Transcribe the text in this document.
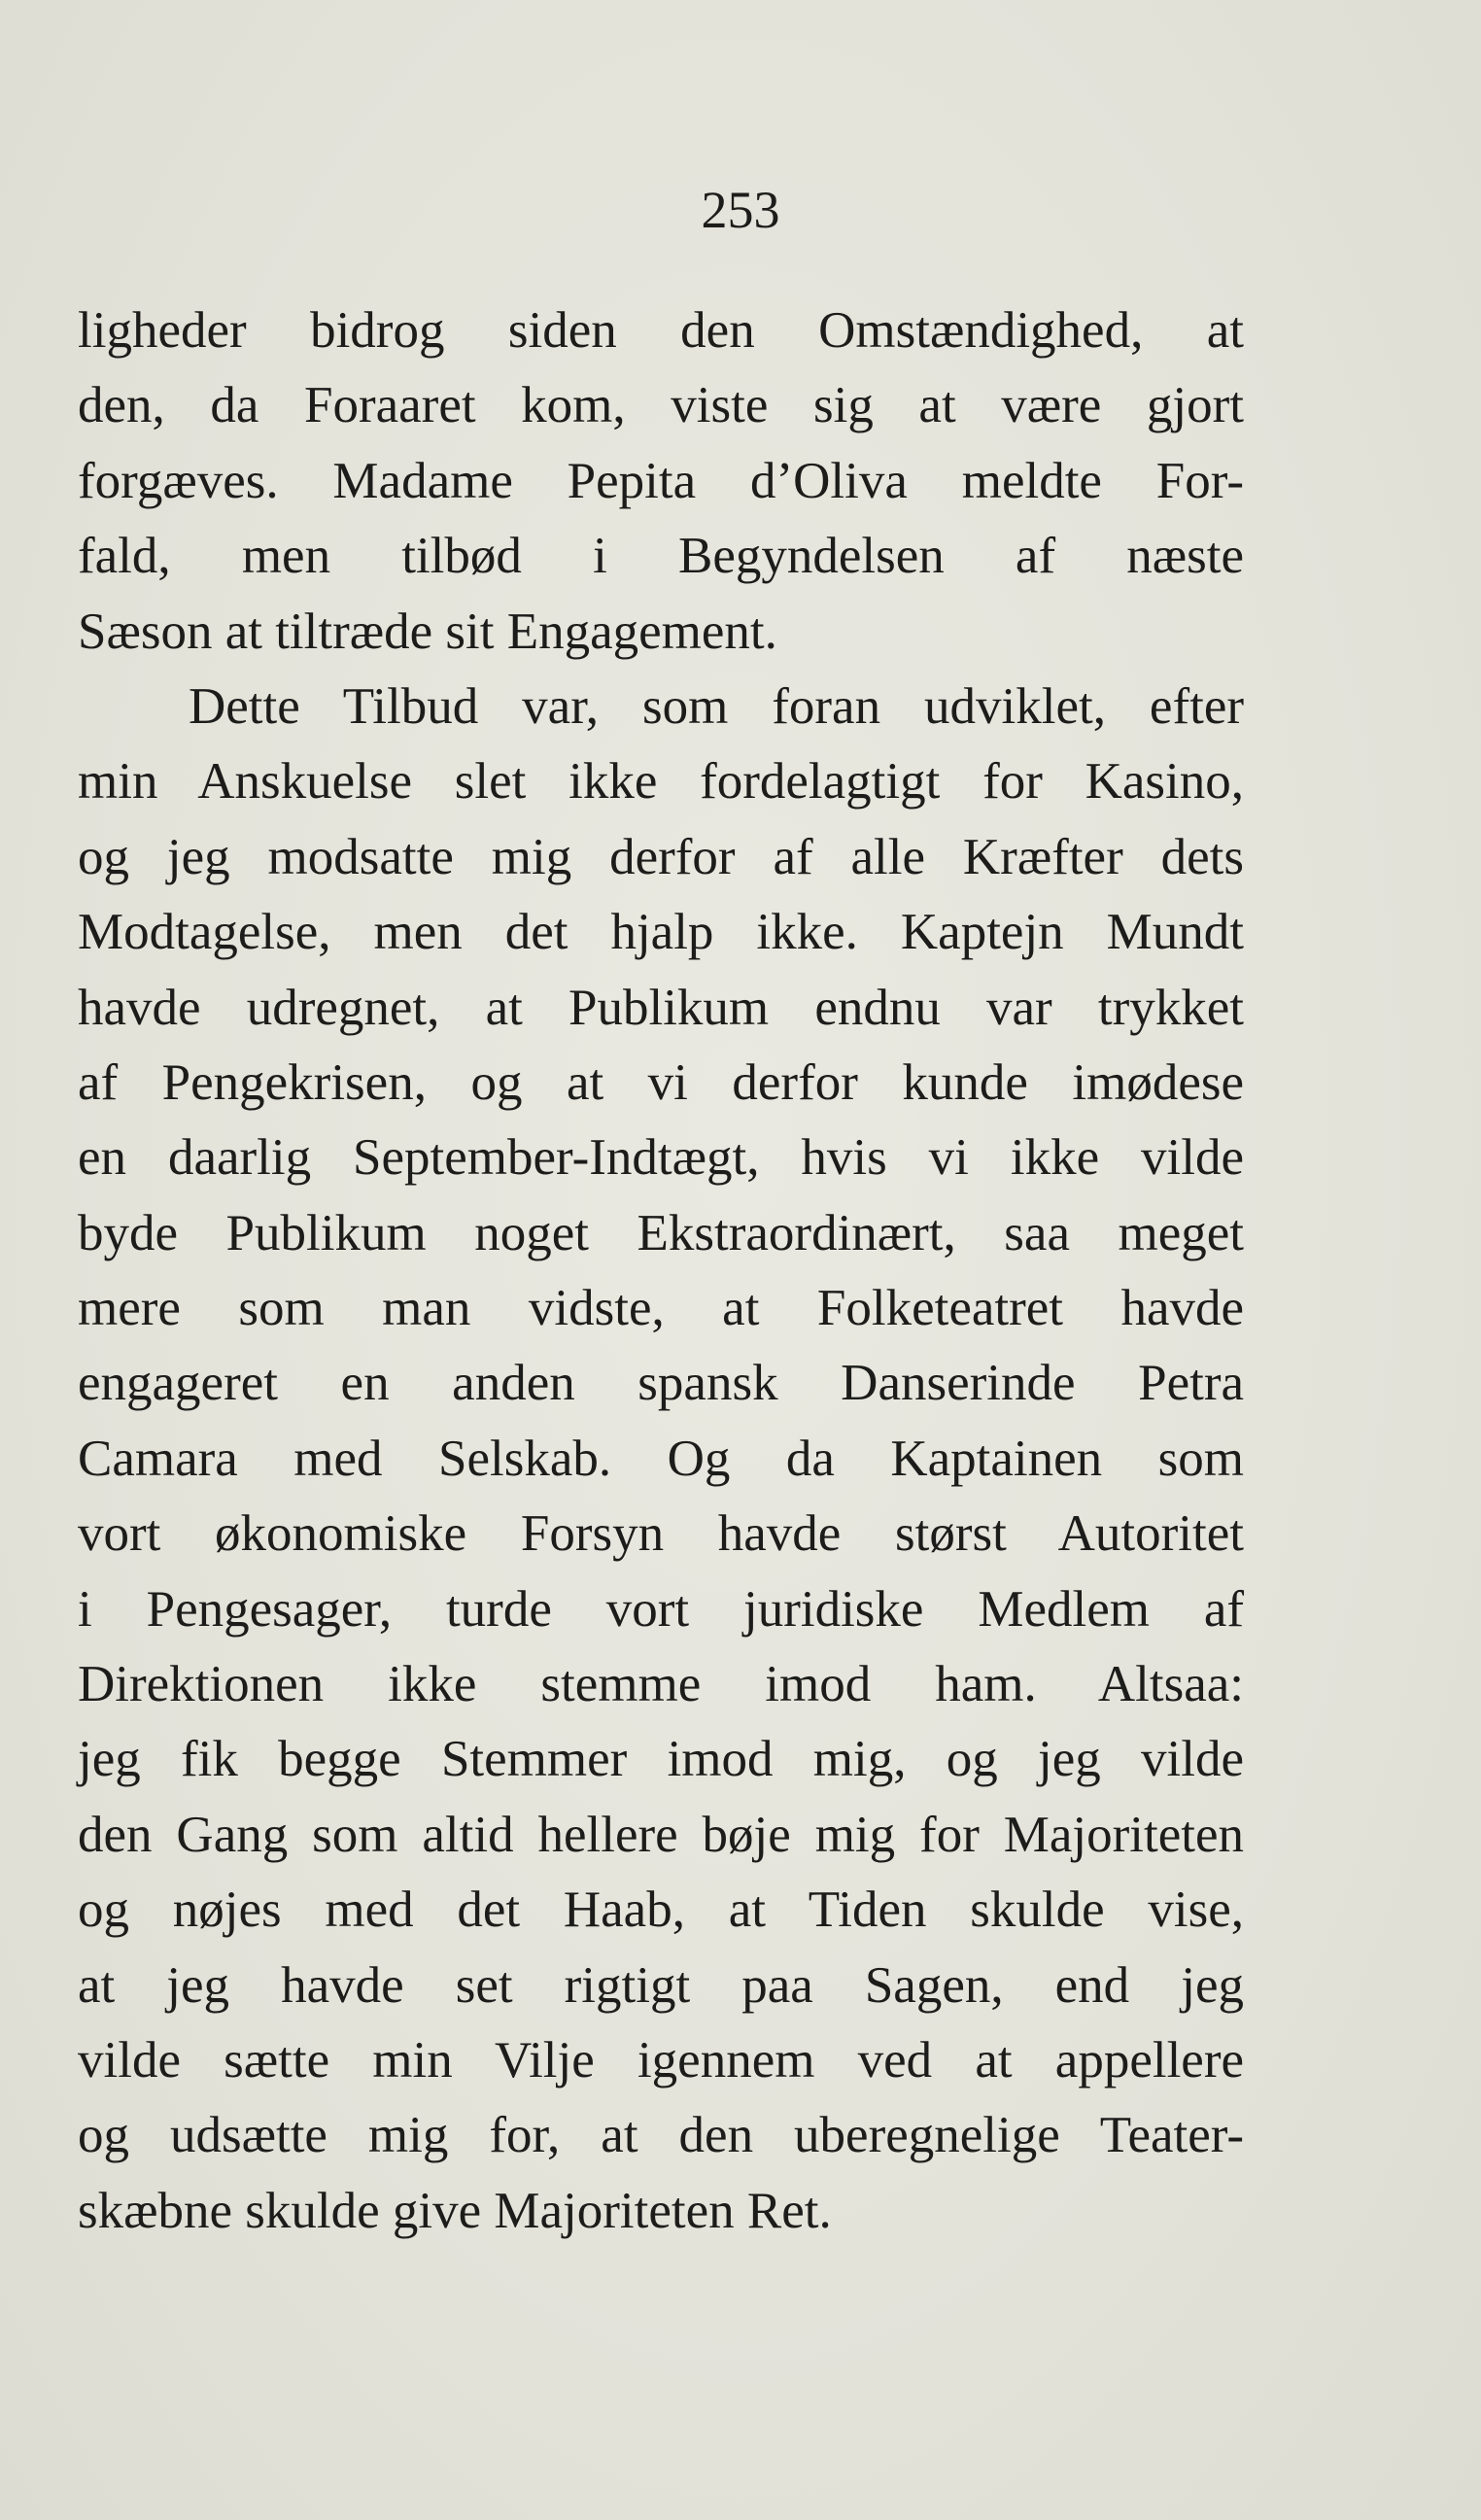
253
ligheder bidrog siden den Omstændighed, at
den, da Foraaret kom, viste sig at være gjort
forgæves. Madame Pepita d’Oliva meldte For-
fald, men tilbød i Begyndelsen af næste
Sæson at tiltræde sit Engagement.
Dette Tilbud var, som foran udviklet, efter
min Anskuelse slet ikke fordelagtigt for Kasino,
og jeg modsatte mig derfor af alle Kræfter dets
Modtagelse, men det hjalp ikke. Kaptejn Mundt
havde udregnet, at Publikum endnu var trykket
af Pengekrisen, og at vi derfor kunde imødese
en daarlig September-Indtægt, hvis vi ikke vilde
byde Publikum noget Ekstraordinært, saa meget
mere som man vidste, at Folketeatret havde
engageret en anden spansk Danserinde Petra
Camara med Selskab. Og da Kaptainen som
vort økonomiske Forsyn havde størst Autoritet
i Pengesager, turde vort juridiske Medlem af
Direktionen ikke stemme imod ham. Altsaa:
jeg fik begge Stemmer imod mig, og jeg vilde
den Gang som altid hellere bøje mig for Majoriteten
og nøjes med det Haab, at Tiden skulde vise,
at jeg havde set rigtigt paa Sagen, end jeg
vilde sætte min Vilje igennem ved at appellere
og udsætte mig for, at den uberegnelige Teater-
skæbne skulde give Majoriteten Ret.
